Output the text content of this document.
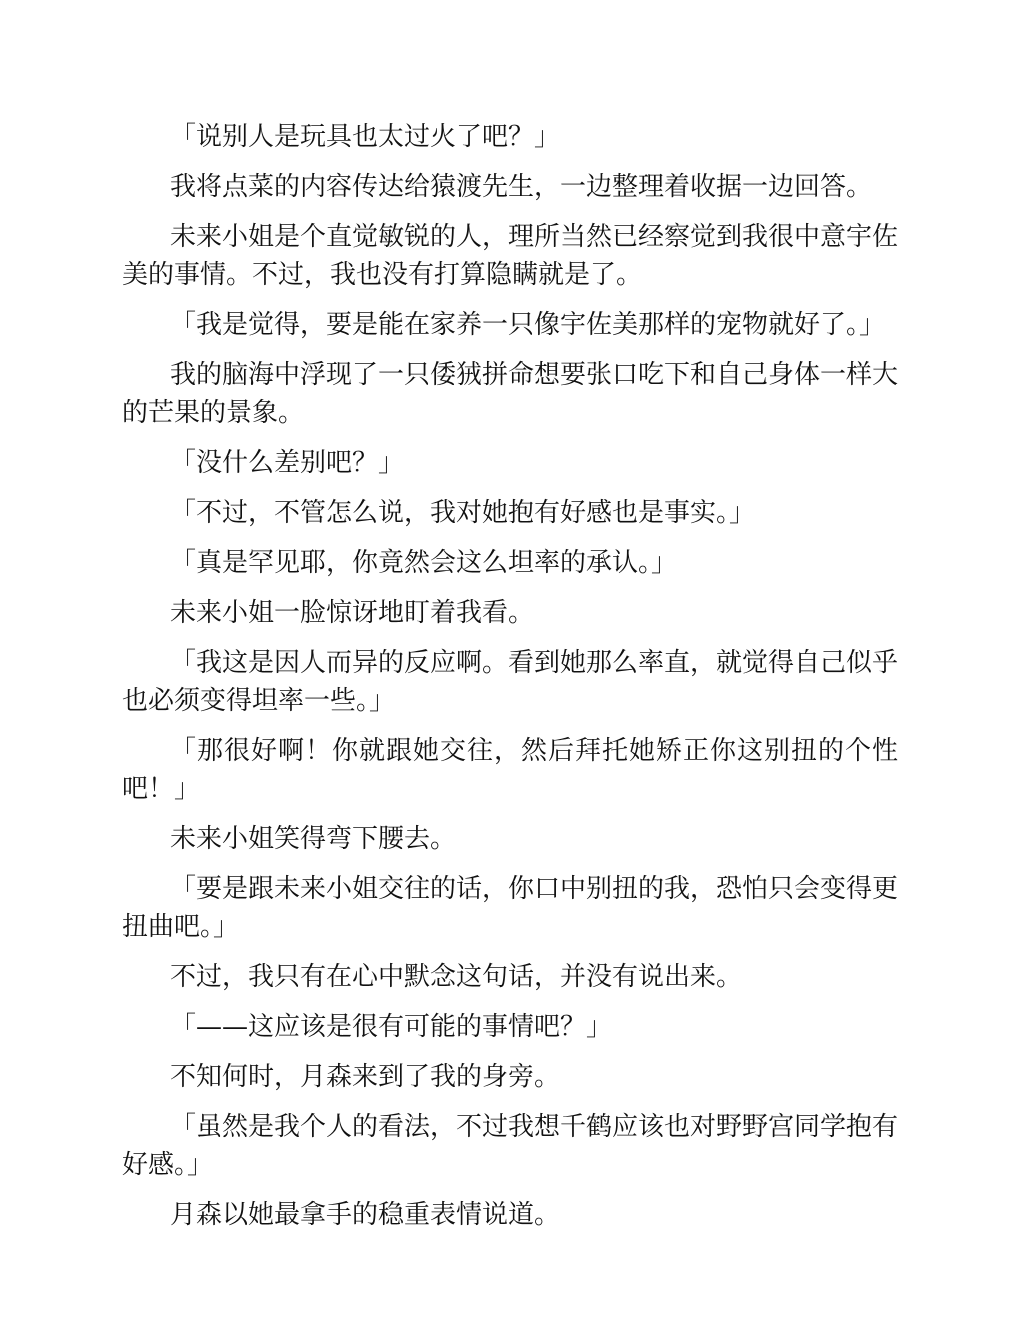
「说别人是玩具也太过火了吧？」

我将点菜的内容传达给猿渡先生，一边整理着收据一边回答。

未来小姐是个直觉敏锐的人，理所当然已经察觉到我很中意宇佐美的事情。不过，我也没有打算隐瞒就是了。

「我是觉得，要是能在家养一只像宇佐美那样的宠物就好了。」

我的脑海中浮现了一只倭狨拼命想要张口吃下和自己身体一样大的芒果的景象。

「没什么差别吧？」

「不过，不管怎么说，我对她抱有好感也是事实。」

「真是罕见耶，你竟然会这么坦率的承认。」

未来小姐一脸惊讶地盯着我看。

「我这是因人而异的反应啊。看到她那么率直，就觉得自己似乎也必须变得坦率一些。」

「那很好啊！你就跟她交往，然后拜托她矫正你这别扭的个性吧！」

未来小姐笑得弯下腰去。

「要是跟未来小姐交往的话，你口中别扭的我，恐怕只会变得更扭曲吧。」

不过，我只有在心中默念这句话，并没有说出来。

「——这应该是很有可能的事情吧？」

不知何时，月森来到了我的身旁。

「虽然是我个人的看法，不过我想千鹤应该也对野野宫同学抱有好感。」

月森以她最拿手的稳重表情说道。
